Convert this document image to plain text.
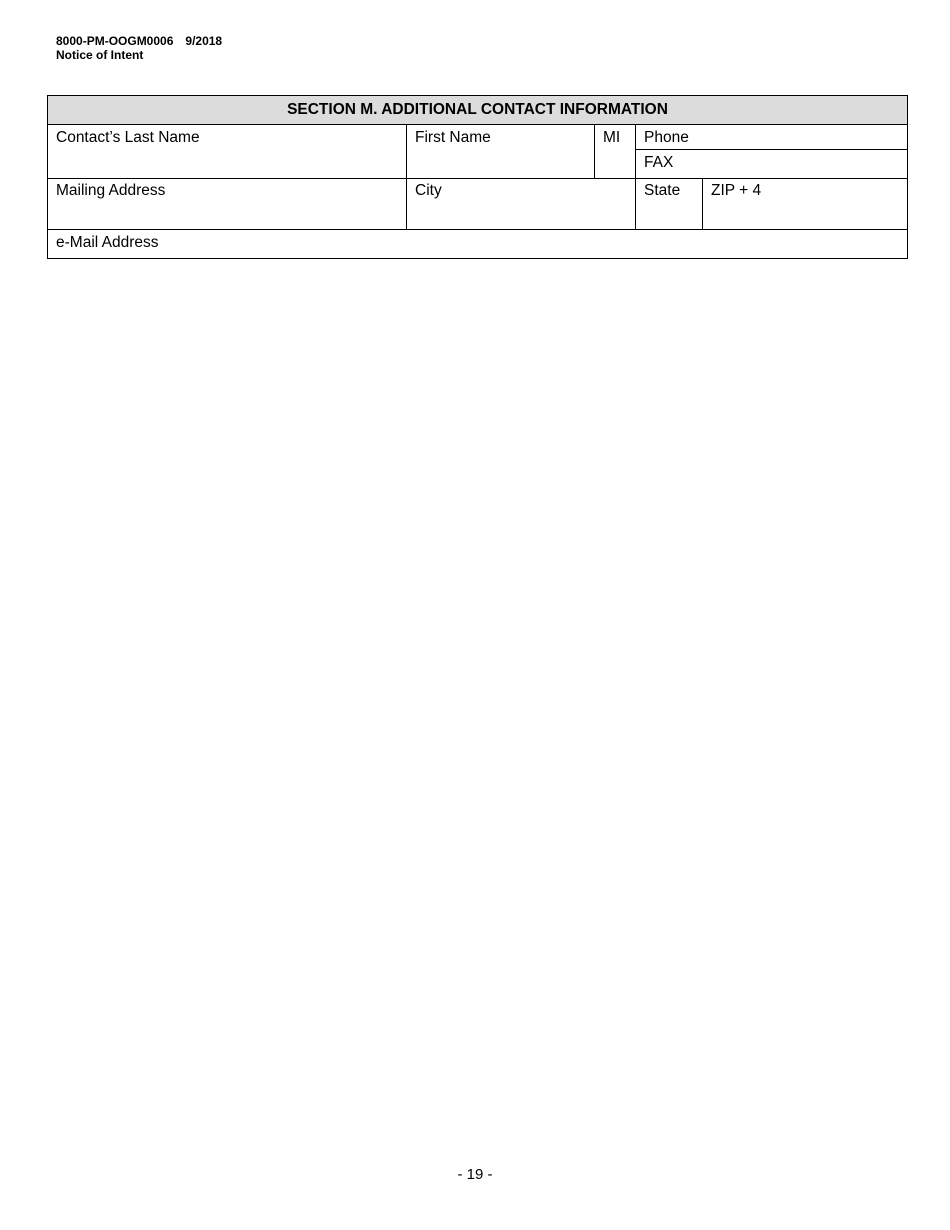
8000-PM-OOGM0006 9/2018
Notice of Intent
SECTION M. ADDITIONAL CONTACT INFORMATION				
Contact’s Last Name	First Name	MI	Phone	
			FAX	
Mailing Address	City		State	ZIP + 4
e-Mail Address				
- 19 -
